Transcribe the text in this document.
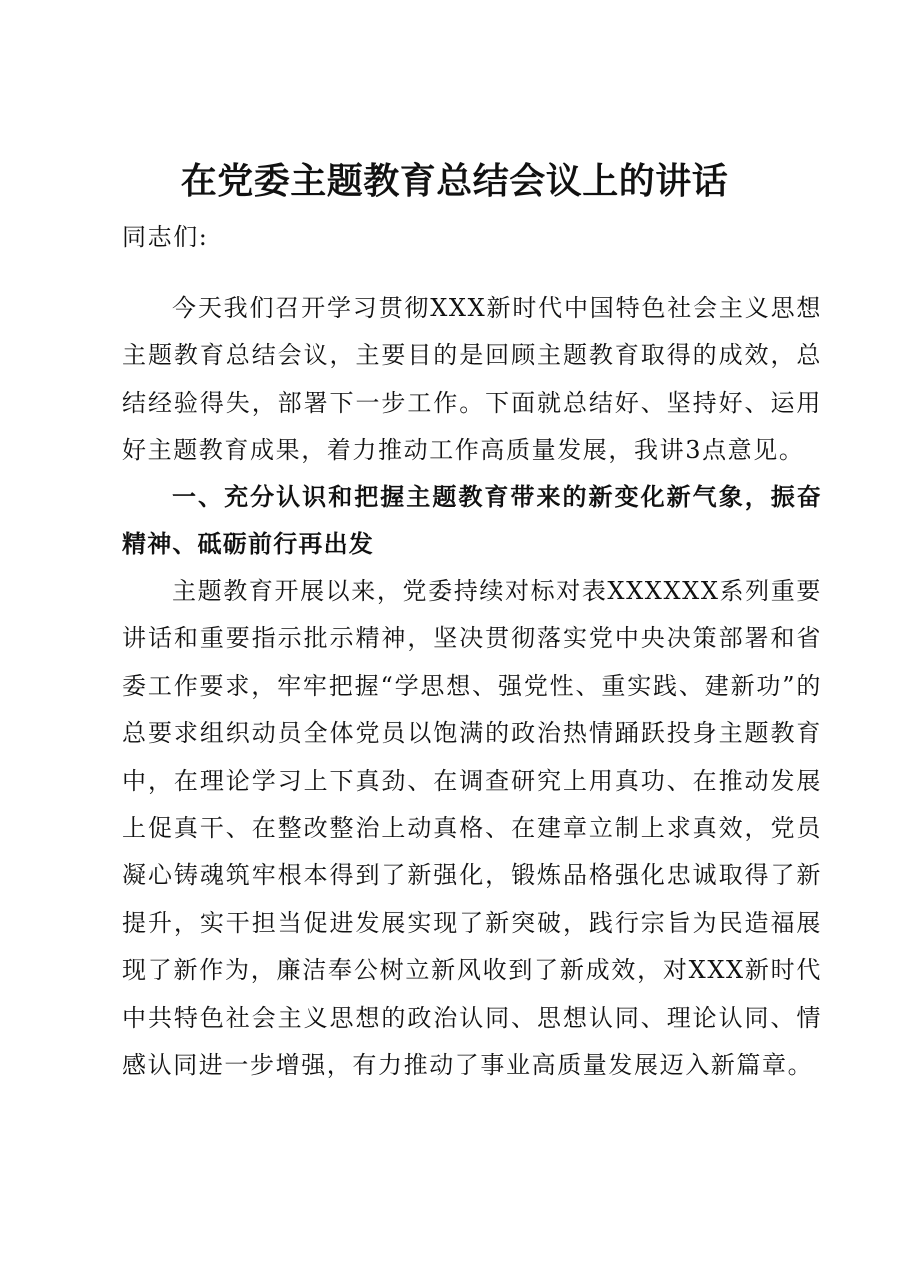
在党委主题教育总结会议上的讲话
同志们:
今天我们召开学习贯彻XXX新时代中国特色社会主义思想主题教育总结会议，主要目的是回顾主题教育取得的成效，总结经验得失，部署下一步工作。下面就总结好、坚持好、运用好主题教育成果，着力推动工作高质量发展，我讲3点意见。
一、充分认识和把握主题教育带来的新变化新气象，振奋精神、砥砺前行再出发
主题教育开展以来，党委持续对标对表XXXXXX系列重要讲话和重要指示批示精神，坚决贯彻落实党中央决策部署和省委工作要求，牢牢把握“学思想、强党性、重实践、建新功”的总要求组织动员全体党员以饱满的政治热情踊跃投身主题教育中，在理论学习上下真劲、在调查研究上用真功、在推动发展上促真干、在整改整治上动真格、在建章立制上求真效，党员凝心铸魂筑牢根本得到了新强化，锻炼品格强化忠诚取得了新提升，实干担当促进发展实现了新突破，践行宗旨为民造福展现了新作为，廉洁奉公树立新风收到了新成效，对XXX新时代中共特色社会主义思想的政治认同、思想认同、理论认同、情感认同进一步增强，有力推动了事业高质量发展迈入新篇章。
